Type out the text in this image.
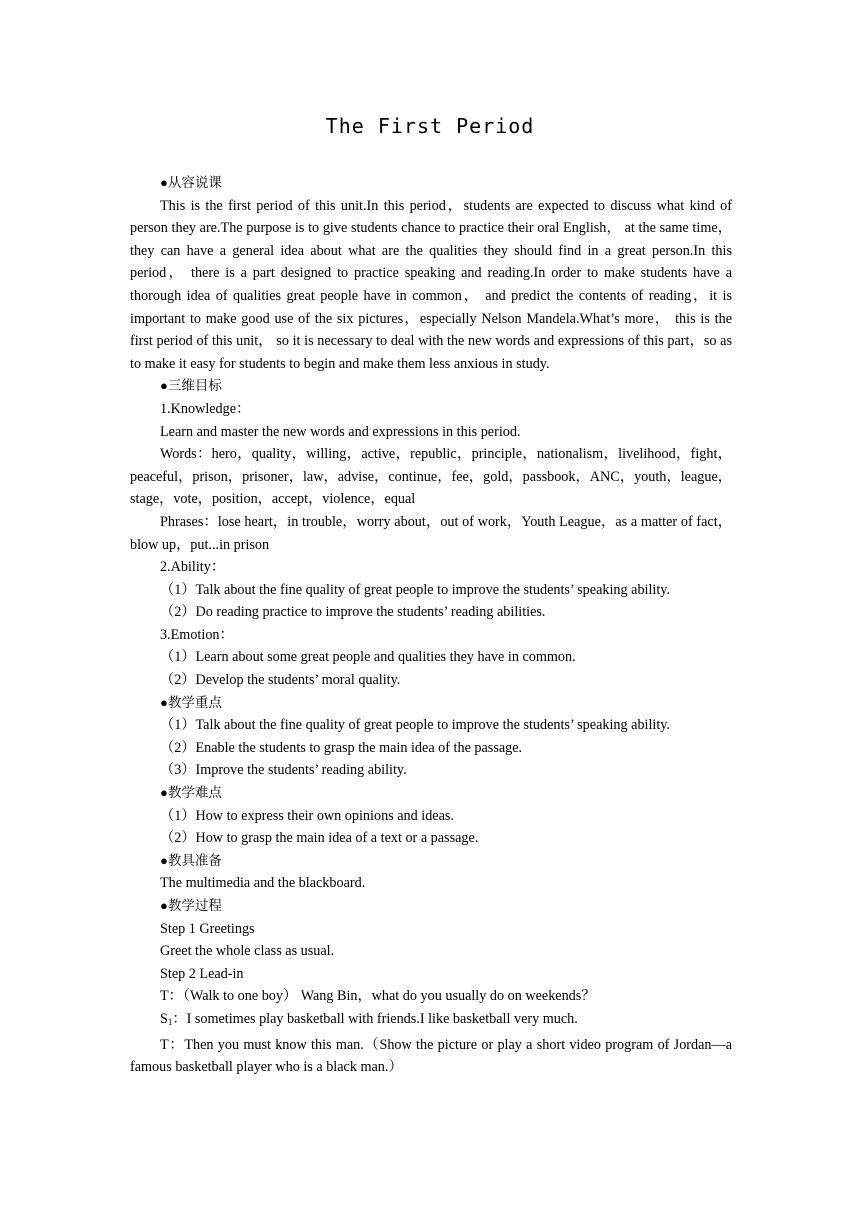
The First Period

●从容说课

This is the first period of this unit.In this period，students are expected to discuss what kind of person they are.The purpose is to give students chance to practice their oral English， at the same time，they can have a general idea about what are the qualities they should find in a great person.In this period， there is a part designed to practice speaking and reading.In order to make students have a thorough idea of qualities great people have in common， and predict the contents of reading，it is important to make good use of the six pictures，especially Nelson Mandela.What’s more， this is the first period of this unit， so it is necessary to deal with the new words and expressions of this part，so as to make it easy for students to begin and make them less anxious in study.

●三维目标

1.Knowledge：

Learn and master the new words and expressions in this period.

Words：hero，quality，willing，active，republic，principle，nationalism，livelihood，fight，peaceful，prison，prisoner，law，advise，continue，fee，gold，passbook，ANC，youth，league，stage，vote，position，accept，violence，equal

Phrases：lose heart，in trouble，worry about，out of work，Youth League，as a matter of fact，blow up，put...in prison

2.Ability：

（1）Talk about the fine quality of great people to improve the students’ speaking ability.

（2）Do reading practice to improve the students’ reading abilities.

3.Emotion：

（1）Learn about some great people and qualities they have in common.

（2）Develop the students’ moral quality.

●教学重点

（1）Talk about the fine quality of great people to improve the students’ speaking ability.

（2）Enable the students to grasp the main idea of the passage.

（3）Improve the students’ reading ability.

●教学难点

（1）How to express their own opinions and ideas.

（2）How to grasp the main idea of a text or a passage.

●教具准备

The multimedia and the blackboard.

●教学过程

Step 1 Greetings

Greet the whole class as usual.

Step 2 Lead-in

T：（Walk to one boy） Wang Bin，what do you usually do on weekends？

$S_1$：I sometimes play basketball with friends.I like basketball very much.

T：Then you must know this man.（Show the picture or play a short video program of Jordan—a famous basketball player who is a black man.）
